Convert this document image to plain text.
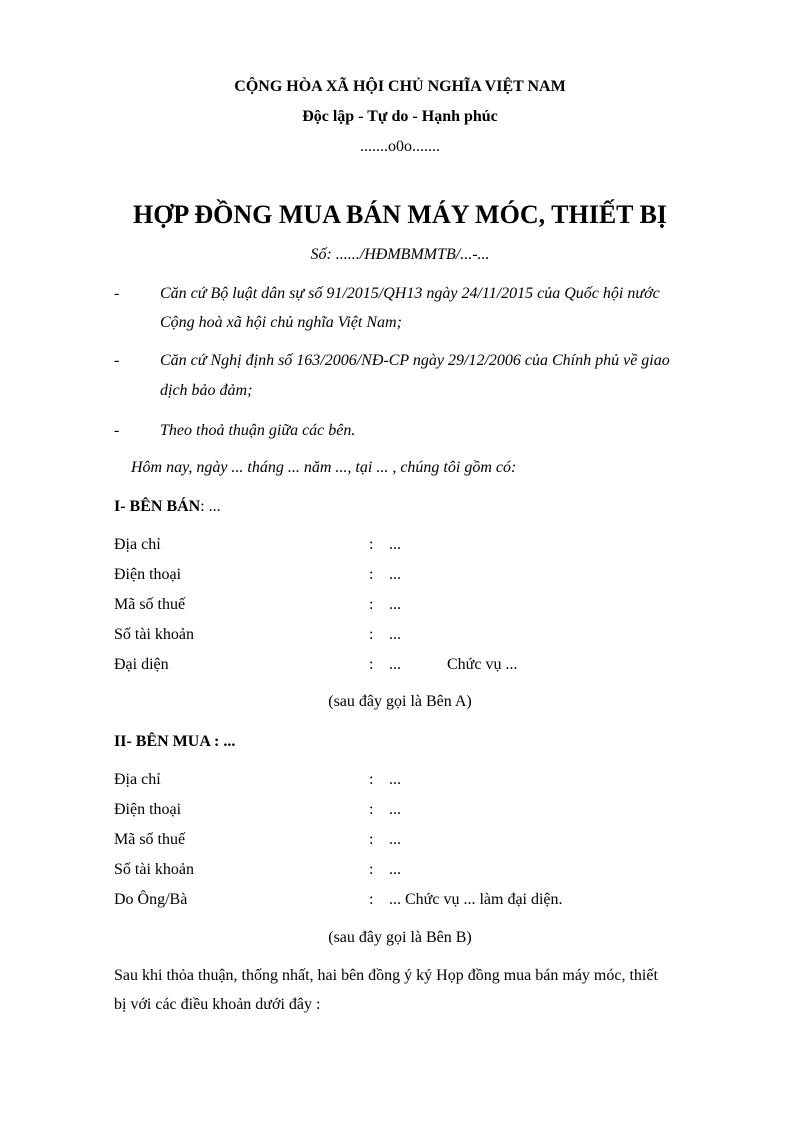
CỘNG HÒA XÃ HỘI CHỦ NGHĨA VIỆT NAM
Độc lập - Tự do - Hạnh phúc
.......o0o.......
HỢP ĐỒNG MUA BÁN MÁY MÓC, THIẾT BỊ
Số: ....../HĐMBMMTB/...-...
-	Căn cứ Bộ luật dân sự số 91/2015/QH13 ngày 24/11/2015 của Quốc hội nước
Cộng hoà xã hội chủ nghĩa Việt Nam;
-	Căn cứ Nghị định số 163/2006/NĐ-CP ngày 29/12/2006 của Chính phủ về giao
dịch bảo đảm;
-	Theo thoả thuận giữa các bên.
Hôm nay, ngày ... tháng ... năm ..., tại ... , chúng tôi gồm có:
I- BÊN BÁN: ...
Địa chỉ	: ...
Điện thoại	: ...
Mã số thuế	: ...
Số tài khoản	: ...
Đại diện	: ...	Chức vụ ...
(sau đây gọi là Bên A)
II- BÊN MUA : ...
Địa chỉ	: ...
Điện thoại	: ...
Mã số thuế	: ...
Số tài khoản	: ...
Do Ông/Bà	: ... Chức vụ ... làm đại diện.
(sau đây gọi là Bên B)
Sau khi thỏa thuận, thống nhất, hai bên đồng ý ký Họp đồng mua bán máy móc, thiết
bị với các điều khoản dưới đây :
